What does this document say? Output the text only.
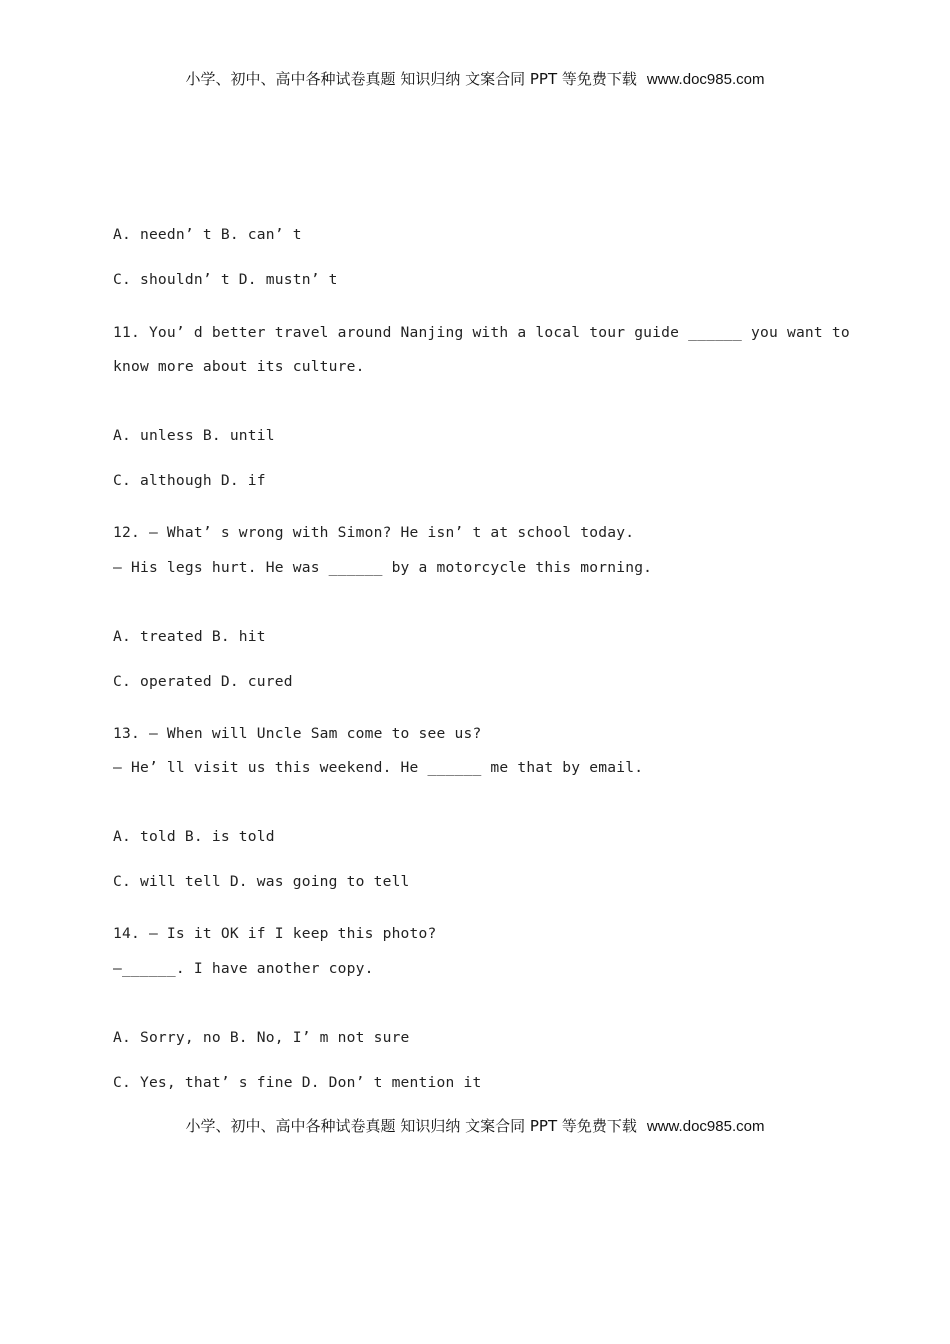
小学、初中、高中各种试卷真题 知识归纳 文案合同 PPT 等免费下载 www.doc985.com
A. needn’ t B. can’ t
C. shouldn’ t D. mustn’ t
11. You’ d better travel around Nanjing with a local tour guide ______ you want to
know more about its culture.
A. unless B. until
C. although D. if
12. — What’ s wrong with Simon? He isn’ t at school today.
— His legs hurt. He was ______ by a motorcycle this morning.
A. treated B. hit
C. operated D. cured
13. — When will Uncle Sam come to see us?
— He’ ll visit us this weekend. He ______ me that by email.
A. told B. is told
C. will tell D. was going to tell
14. — Is it OK if I keep this photo?
—______. I have another copy.
A. Sorry, no B. No, I’ m not sure
C. Yes, that’ s fine D. Don’ t mention it
小学、初中、高中各种试卷真题 知识归纳 文案合同 PPT 等免费下载 www.doc985.com
